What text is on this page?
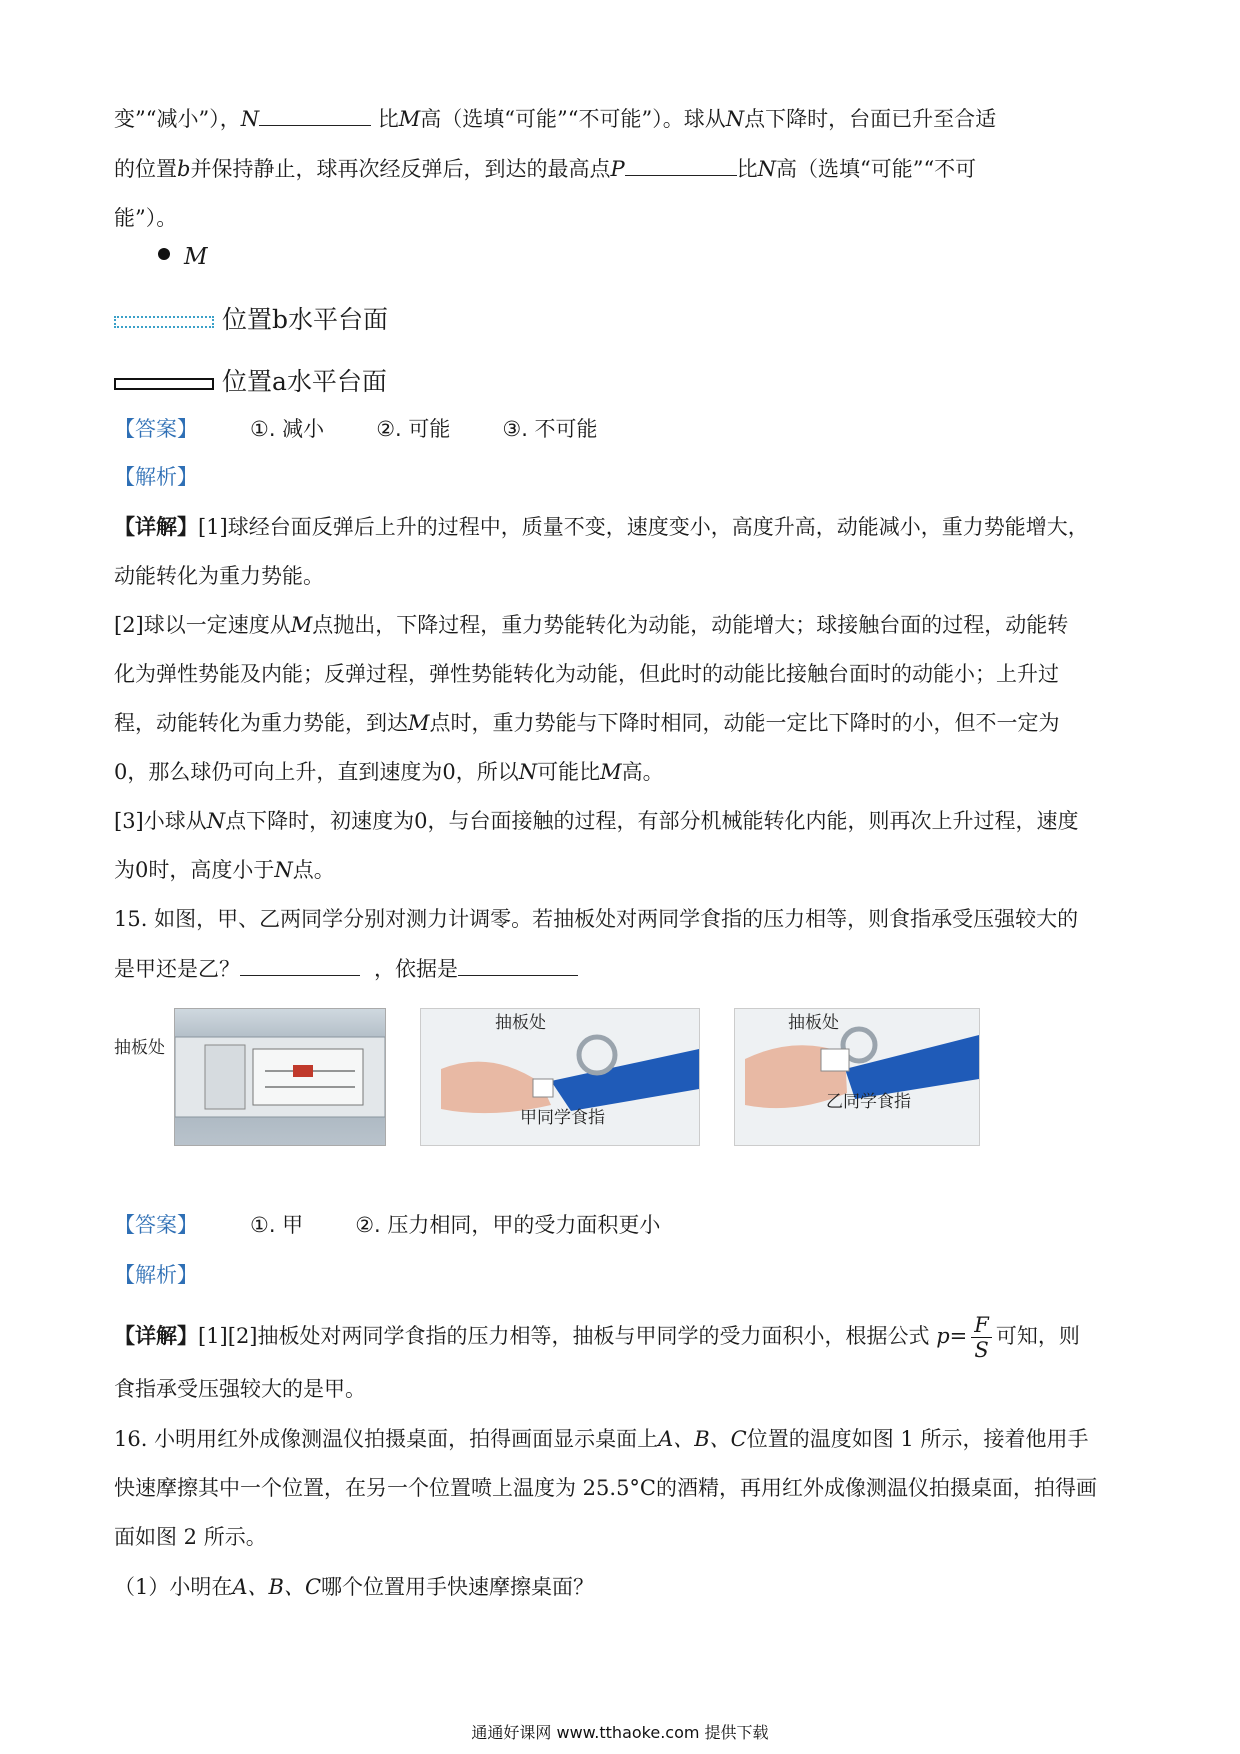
变”“减小”），N	比M高（选填“可能”“不可能”）。球从N点下降时，台面已升至合适
的位置b并保持静止，球再次经反弹后，到达的最高点P	比N高（选填“可能”“不可
能”）。
M
位置b水平台面
位置a水平台面
【答案】 ①. 减小 ②. 可能 ③. 不可能
【解析】
【详解】[1]球经台面反弹后上升的过程中，质量不变，速度变小，高度升高，动能减小，重力势能增大，
动能转化为重力势能。
[2]球以一定速度从M点抛出，下降过程，重力势能转化为动能，动能增大；球接触台面的过程，动能转
化为弹性势能及内能；反弹过程，弹性势能转化为动能，但此时的动能比接触台面时的动能小；上升过
程，动能转化为重力势能，到达M点时，重力势能与下降时相同，动能一定比下降时的小，但不一定为
0，那么球仍可向上升，直到速度为0，所以N可能比M高。
[3]小球从N点下降时，初速度为0，与台面接触的过程，有部分机械能转化内能，则再次上升过程，速度
为0时，高度小于N点。
15. 如图，甲、乙两同学分别对测力计调零。若抽板处对两同学食指的压力相等，则食指承受压强较大的
是甲还是乙？	，依据是
抽板处
抽板处
甲同学食指
抽板处
乙同学食指
【答案】 ①. 甲 ②. 压力相同，甲的受力面积更小
【解析】
【详解】[1][2]抽板处对两同学食指的压力相等，抽板与甲同学的受力面积小，根据公式 $p= \frac{F}{S}$ 可知，则
食指承受压强较大的是甲。
16. 小明用红外成像测温仪拍摄桌面，拍得画面显示桌面上A、B、C位置的温度如图 1 所示，接着他用手
快速摩擦其中一个位置，在另一个位置喷上温度为 25.5°C的酒精，再用红外成像测温仪拍摄桌面，拍得画
面如图 2 所示。
（1）小明在A、B、C哪个位置用手快速摩擦桌面？
通通好课网 www.tthaoke.com 提供下载
